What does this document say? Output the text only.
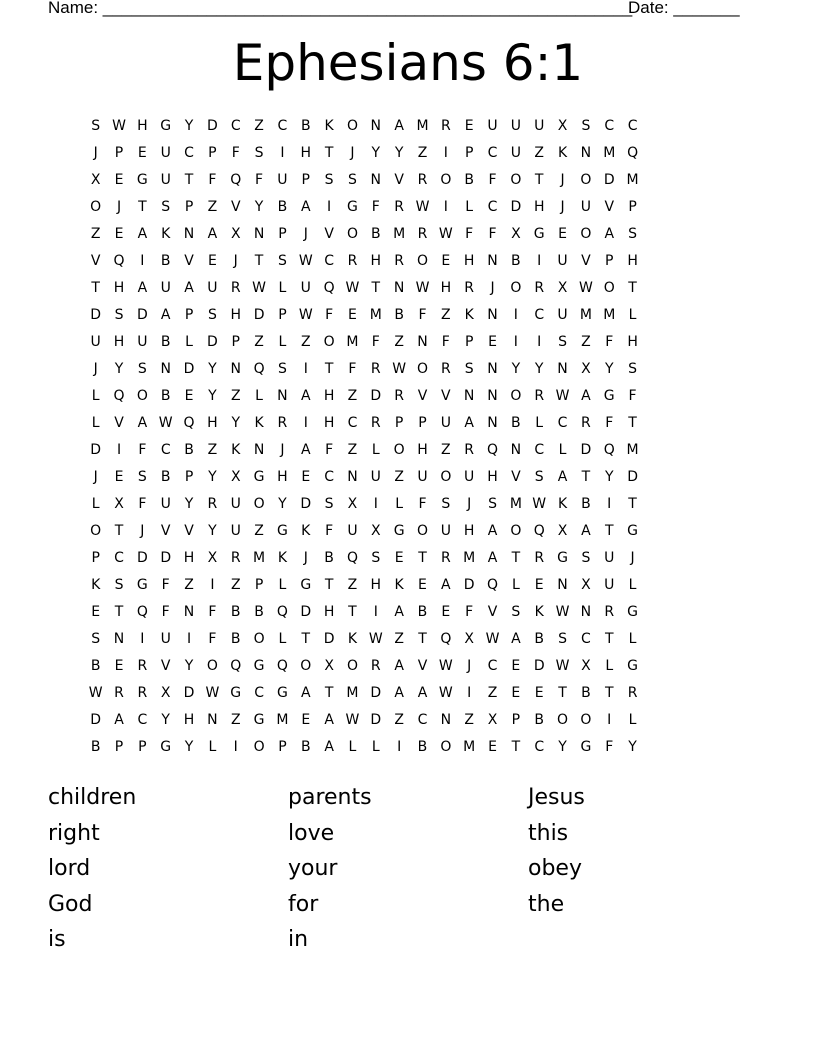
Name: ________________________________________________________
Date: _______
Ephesians 6:1
S W H G Y D C Z C B K O N A M R	E U U U X	S	C C
J	P	E U C	P	F	S	I	H T	J	Y	Y	Z	I	P	C U Z K N M Q
X	E G U T	F Q F	U P	S	S N V R O B	F O T	J	O D M
O	J	T	S	P	Z V	Y	B A	I	G F	R W	I	L	C D H	J	U V	P
Z	E	A K N A X N P	J	V O B M R W F	F	X G E O A	S
V Q	I	B V	E	J	T	S W C R H R O E H N B	I	U V	P H
T H A U A U R W L	U Q W T N W H R	J	O R X W O T
D S D A	P	S H D P W F	E M B	F	Z K N	I	C U M M L
U H U B	L	D P	Z	L	Z O M F	Z N	F	P	E	I	I	S	Z	F	H
J	Y	S N D Y N Q S	I	T	F	R W O R	S N Y	Y N X	Y	S
L Q O B	E	Y	Z	L	N A H Z D R V V N N O R W A G F
L	V A W Q H Y	K R	I	H C R	P	P	U A N B	L	C R	F	T
D	I	F	C B Z K N	J	A	F	Z	L O H Z R Q N C	L	D Q M
J	E	S	B	P	Y	X G H E	C N U Z U O U H V	S	A	T	Y D
L	X	F	U Y	R U O Y D S	X	I	L	F	S	J	S M W K B	I	T
O T	J	V V	Y U Z G K	F	U X G O U H A O Q X A	T G
P	C D D H X R M K	J	B Q S	E	T	R M A	T	R G S U	J
K	S G F	Z	I	Z	P	L	G T	Z H K	E	A D Q L	E N X U	L
E	T Q F	N	F	B B Q D H T	I	A B	E	F	V	S	K W N R G
S N	I	U	I	F	B O L	T D K W Z	T Q X W A B	S	C	T	L
B	E	R V	Y O Q G Q O X O R A V W	J	C	E D W X	L	G
W R R X D W G C G A	T M D A A W	I	Z	E	E	T	B	T	R
D A C	Y H N Z G M E	A W D Z C N Z X	P	B O O	I	L
B	P	P G Y	L	I	O P	B A	L	L	I	B O M E	T	C	Y G F	Y
children
right
lord
God
is
parents
love
your
for
in
Jesus
this
obey
the
